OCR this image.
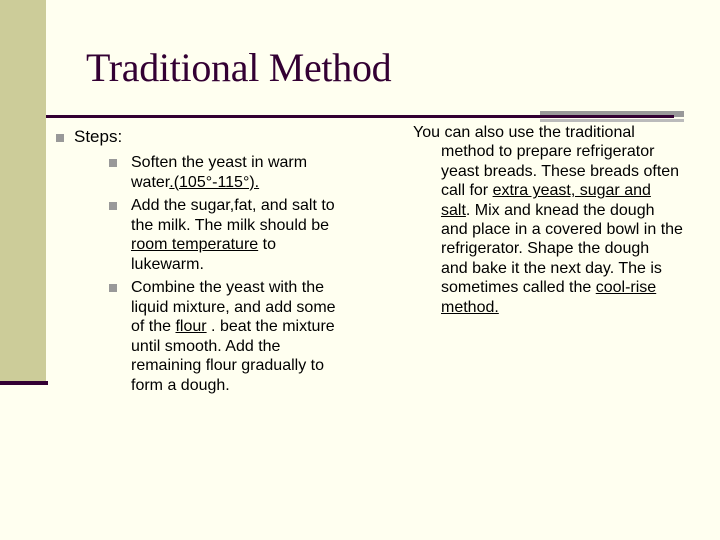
Traditional Method
Steps:
Soften the yeast in warm
water.(105°-115°).
Add the sugar,fat, and salt to
the milk. The milk should be
room temperature to
lukewarm.
Combine the yeast with the
liquid mixture, and add some
of the flour . beat the mixture
until smooth. Add the
remaining flour gradually to
form a dough.
You can also use the traditional
method to prepare refrigerator
yeast breads. These breads often
call for extra yeast, sugar and
salt. Mix and knead the dough
and place in a covered bowl in the
refrigerator. Shape the dough
and bake it the next day. The is
sometimes called the cool-rise
method.
